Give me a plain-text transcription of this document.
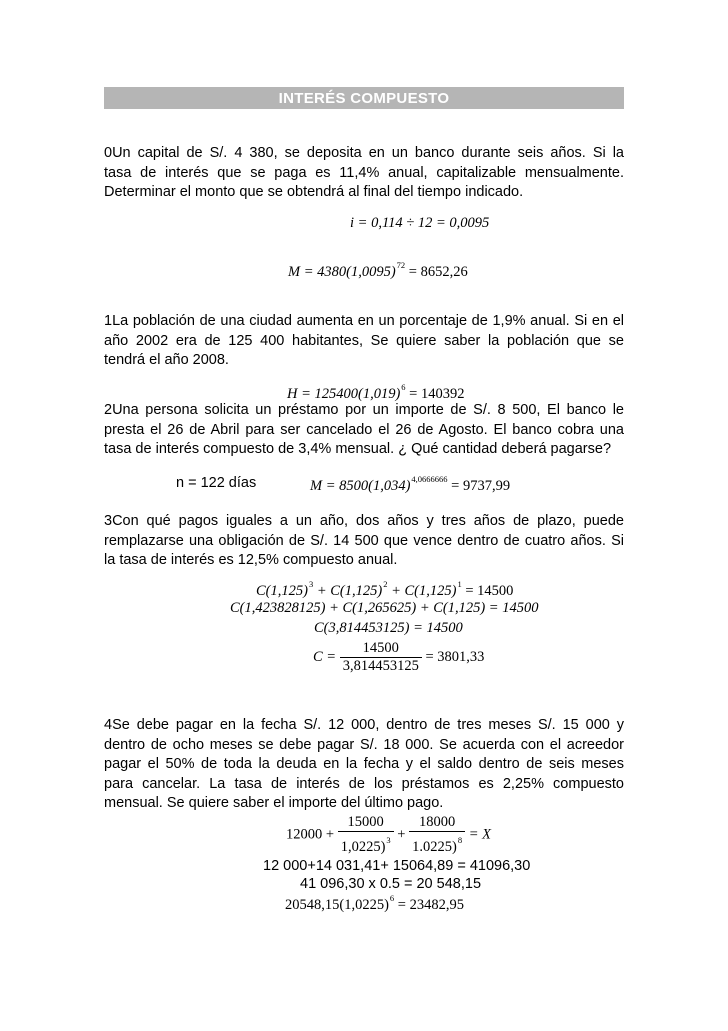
INTERÉS COMPUESTO
0Un capital de S/. 4 380, se deposita en un banco durante seis años. Si la
tasa de interés que se paga es 11,4% anual, capitalizable mensualmente.
Determinar el monto que se obtendrá al final del tiempo indicado.
i = 0,114 ÷ 12 = 0,0095
$M = 4380(1,0095)^{72} = 8652,26$
1La población de una ciudad aumenta en un porcentaje de 1,9% anual. Si en el
año 2002 era de 125 400 habitantes, Se quiere saber la población que se
tendrá el año 2008.
$H = 125400(1,019)^6 = 140392$
2Una persona solicita un préstamo por un importe de S/. 8 500, El banco le
presta el 26 de Abril para ser cancelado el 26 de Agosto. El banco cobra una
tasa de interés compuesto de 3,4% mensual. ¿ Qué cantidad deberá pagarse?
n = 122 días	$M = 8500(1,034)^{4,0666666} = 9737,99$
3Con qué pagos iguales a un año, dos años y tres años de plazo, puede
remplazarse una obligación de S/. 14 500 que vence dentro de cuatro años. Si
la tasa de interés es 12,5% compuesto anual.
$C(1,125)^3 + C(1,125)^2 + C(1,125)^1 = 14500$
C(1,423828125) + C(1,265625) + C(1,125) = 14500
C(3,814453125) = 14500
$C = \frac{14500}{3,814453125} = 3801,33$
4Se debe pagar en la fecha S/. 12 000, dentro de tres meses S/. 15 000 y
dentro de ocho meses se debe pagar S/. 18 000. Se acuerda con el acreedor
pagar el 50% de toda la deuda en la fecha y el saldo dentro de seis meses
para cancelar. La tasa de interés de los préstamos es 2,25% compuesto
mensual. Se quiere saber el importe del último pago.
$12000 + \frac{15000}{1,0225)^3} + \frac{18000}{1.0225)^8} = X$
12 000+14 031,41+ 15064,89 = 41096,30
41 096,30 x 0.5 = 20 548,15
$20548,15(1,0225)^6 = 23482,95$
